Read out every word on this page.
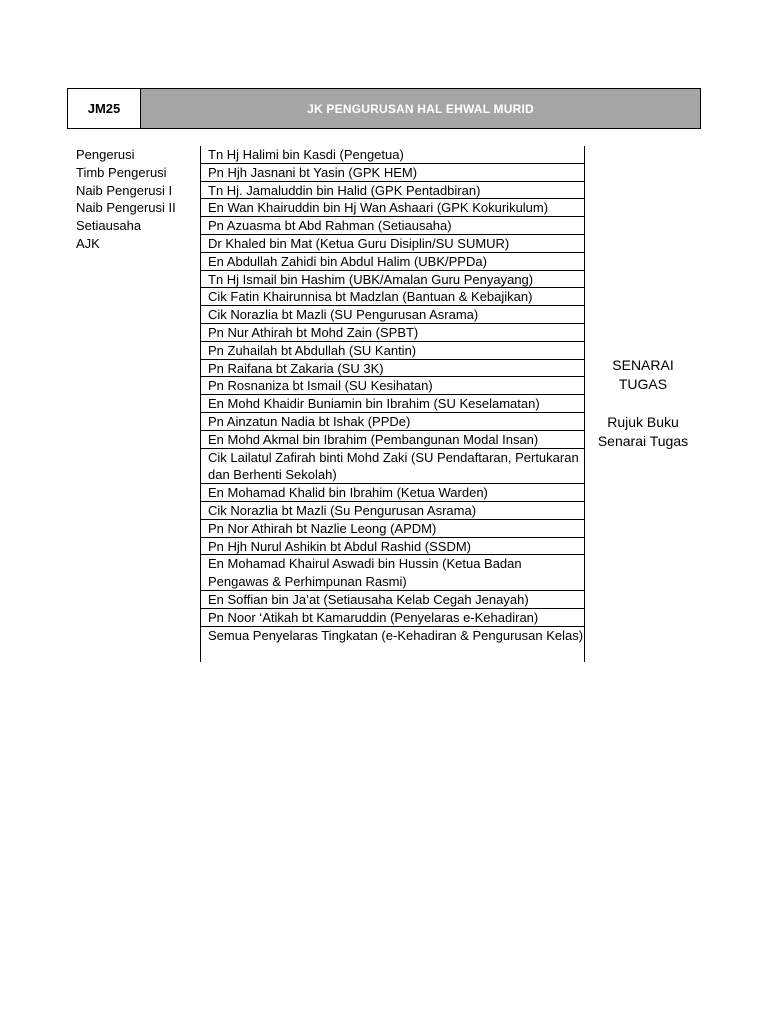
JM25	JK PENGURUSAN HAL EHWAL MURID
Pengerusi	Tn Hj Halimi bin Kasdi (Pengetua)
Timb Pengerusi	Pn Hjh Jasnani bt Yasin (GPK HEM)
Naib Pengerusi I	Tn Hj. Jamaluddin bin Halid (GPK Pentadbiran)
Naib Pengerusi II	En Wan Khairuddin bin Hj Wan Ashaari (GPK Kokurikulum)
Setiausaha	Pn Azuasma bt Abd Rahman (Setiausaha)
AJK	Dr Khaled bin Mat (Ketua Guru Disiplin/SU SUMUR)
En Abdullah Zahidi bin Abdul Halim (UBK/PPDa)
Tn Hj Ismail bin Hashim (UBK/Amalan Guru Penyayang)
Cik Fatin Khairunnisa bt Madzlan (Bantuan & Kebajikan)
Cik Norazlia bt Mazli (SU Pengurusan Asrama)
Pn Nur Athirah bt Mohd Zain (SPBT)
Pn Zuhailah bt Abdullah (SU Kantin)
Pn Raifana bt Zakaria (SU 3K)
Pn Rosnaniza bt Ismail (SU Kesihatan)
En Mohd Khaidir Buniamin bin Ibrahim (SU Keselamatan)
Pn Ainzatun Nadia bt Ishak (PPDe)
En Mohd Akmal bin Ibrahim (Pembangunan Modal Insan)
Cik Lailatul Zafirah binti Mohd Zaki (SU Pendaftaran, Pertukaran dan Berhenti Sekolah)
En Mohamad Khalid bin Ibrahim (Ketua Warden)
Cik Norazlia bt Mazli (Su Pengurusan Asrama)
Pn Nor Athirah bt Nazlie Leong (APDM)
Pn Hjh Nurul Ashikin bt Abdul Rashid (SSDM)
En Mohamad Khairul Aswadi bin Hussin (Ketua Badan Pengawas & Perhimpunan Rasmi)
En Soffian bin Ja’at (Setiausaha Kelab Cegah Jenayah)
Pn Noor ‘Atikah bt Kamaruddin (Penyelaras e-Kehadiran)
Semua Penyelaras Tingkatan (e-Kehadiran & Pengurusan Kelas)
SENARAI
TUGAS
Rujuk Buku
Senarai Tugas
